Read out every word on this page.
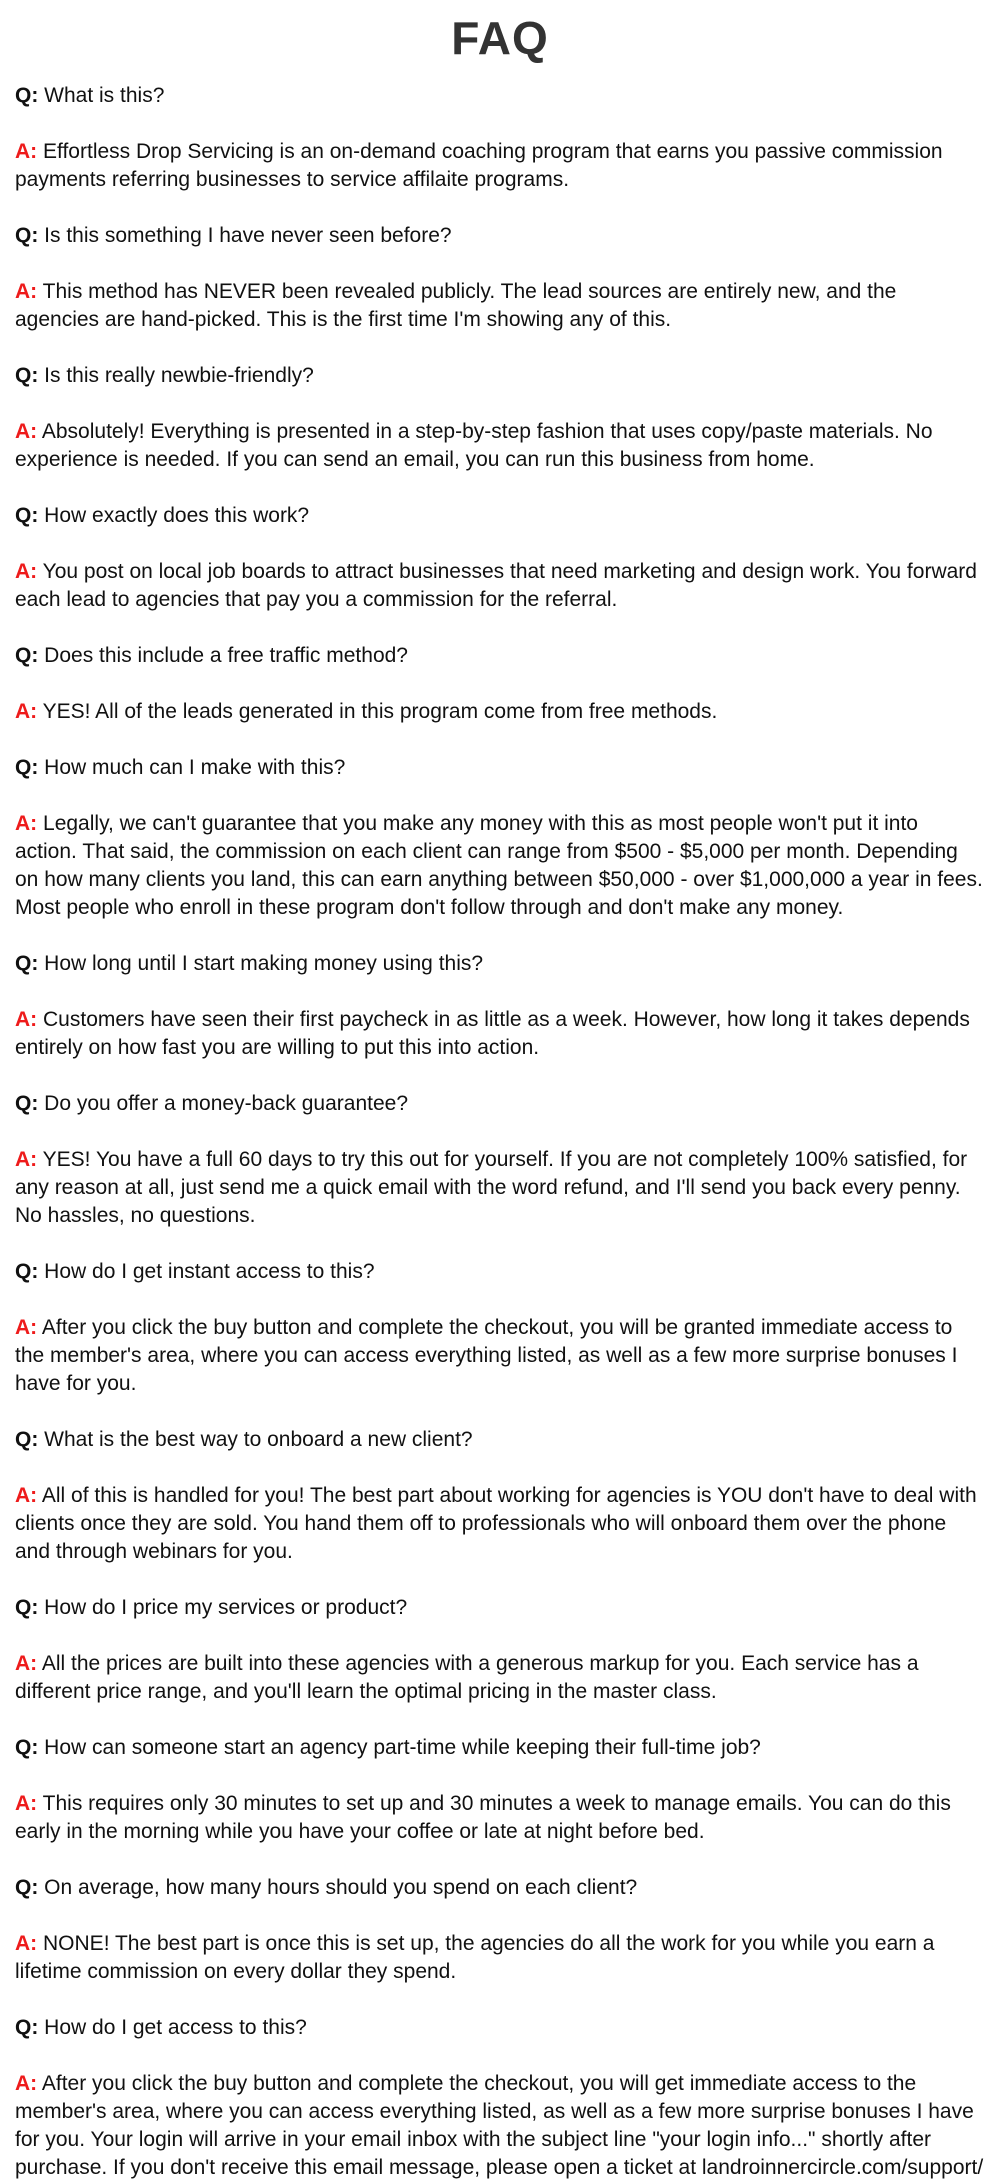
FAQ

Q: What is this?

A: Effortless Drop Servicing is an on-demand coaching program that earns you passive commission payments referring businesses to service affilaite programs.

Q: Is this something I have never seen before?

A: This method has NEVER been revealed publicly. The lead sources are entirely new, and the agencies are hand-picked. This is the first time I'm showing any of this.

Q: Is this really newbie-friendly?

A: Absolutely! Everything is presented in a step-by-step fashion that uses copy/paste materials. No experience is needed. If you can send an email, you can run this business from home.

Q: How exactly does this work?

A: You post on local job boards to attract businesses that need marketing and design work. You forward each lead to agencies that pay you a commission for the referral.

Q: Does this include a free traffic method?

A: YES! All of the leads generated in this program come from free methods.

Q: How much can I make with this?

A: Legally, we can't guarantee that you make any money with this as most people won't put it into action. That said, the commission on each client can range from $500 - $5,000 per month. Depending on how many clients you land, this can earn anything between $50,000 - over $1,000,000 a year in fees. Most people who enroll in these program don't follow through and don't make any money.

Q: How long until I start making money using this?

A: Customers have seen their first paycheck in as little as a week. However, how long it takes depends entirely on how fast you are willing to put this into action.

Q: Do you offer a money-back guarantee?

A: YES! You have a full 60 days to try this out for yourself. If you are not completely 100% satisfied, for any reason at all, just send me a quick email with the word refund, and I'll send you back every penny. No hassles, no questions.

Q: How do I get instant access to this?

A: After you click the buy button and complete the checkout, you will be granted immediate access to the member's area, where you can access everything listed, as well as a few more surprise bonuses I have for you.

Q: What is the best way to onboard a new client?

A: All of this is handled for you! The best part about working for agencies is YOU don't have to deal with clients once they are sold. You hand them off to professionals who will onboard them over the phone and through webinars for you.

Q: How do I price my services or product?

A: All the prices are built into these agencies with a generous markup for you. Each service has a different price range, and you'll learn the optimal pricing in the master class.

Q: How can someone start an agency part-time while keeping their full-time job?

A: This requires only 30 minutes to set up and 30 minutes a week to manage emails. You can do this early in the morning while you have your coffee or late at night before bed.

Q: On average, how many hours should you spend on each client?

A: NONE! The best part is once this is set up, the agencies do all the work for you while you earn a lifetime commission on every dollar they spend.

Q: How do I get access to this?

A: After you click the buy button and complete the checkout, you will get immediate access to the member's area, where you can access everything listed, as well as a few more surprise bonuses I have for you. Your login will arrive in your email inbox with the subject line "your login info..." shortly after purchase. If you don't receive this email message, please open a ticket at landroinnercircle.com/support/
